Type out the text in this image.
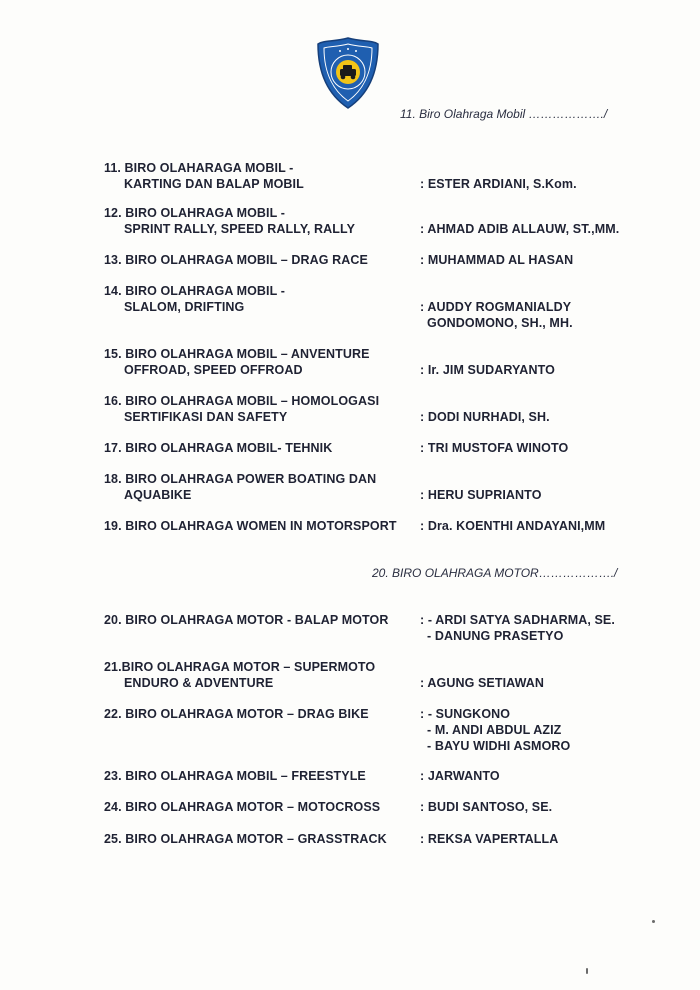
11. Biro Olahraga Mobil ………………./
11. BIRO OLAHARAGA MOBIL -
KARTING DAN BALAP MOBIL	: ESTER ARDIANI, S.Kom.
12. BIRO OLAHRAGA MOBIL -
SPRINT RALLY, SPEED RALLY, RALLY	: AHMAD ADIB ALLAUW, ST.,MM.
13. BIRO OLAHRAGA MOBIL – DRAG RACE	: MUHAMMAD AL HASAN
14. BIRO OLAHRAGA MOBIL -
SLALOM, DRIFTING	: AUDDY ROGMANIALDY
GONDOMONO, SH., MH.
15. BIRO OLAHRAGA MOBIL – ANVENTURE
OFFROAD, SPEED OFFROAD	: Ir. JIM SUDARYANTO
16. BIRO OLAHRAGA MOBIL – HOMOLOGASI
SERTIFIKASI DAN SAFETY	: DODI NURHADI, SH.
17. BIRO OLAHRAGA MOBIL- TEHNIK	: TRI MUSTOFA WINOTO
18. BIRO OLAHRAGA POWER BOATING DAN
AQUABIKE	: HERU SUPRIANTO
19. BIRO OLAHRAGA WOMEN IN MOTORSPORT	: Dra. KOENTHI ANDAYANI,MM
20. BIRO OLAHRAGA MOTOR………………./
20. BIRO OLAHRAGA MOTOR - BALAP MOTOR	: - ARDI SATYA SADHARMA, SE.
- DANUNG PRASETYO
21.BIRO OLAHRAGA MOTOR – SUPERMOTO
ENDURO & ADVENTURE	: AGUNG SETIAWAN
22. BIRO OLAHRAGA MOTOR – DRAG BIKE	: - SUNGKONO
- M. ANDI ABDUL AZIZ
- BAYU WIDHI ASMORO
23. BIRO OLAHRAGA MOBIL – FREESTYLE	: JARWANTO
24. BIRO OLAHRAGA MOTOR – MOTOCROSS	: BUDI SANTOSO, SE.
25. BIRO OLAHRAGA MOTOR – GRASSTRACK	: REKSA VAPERTALLA
